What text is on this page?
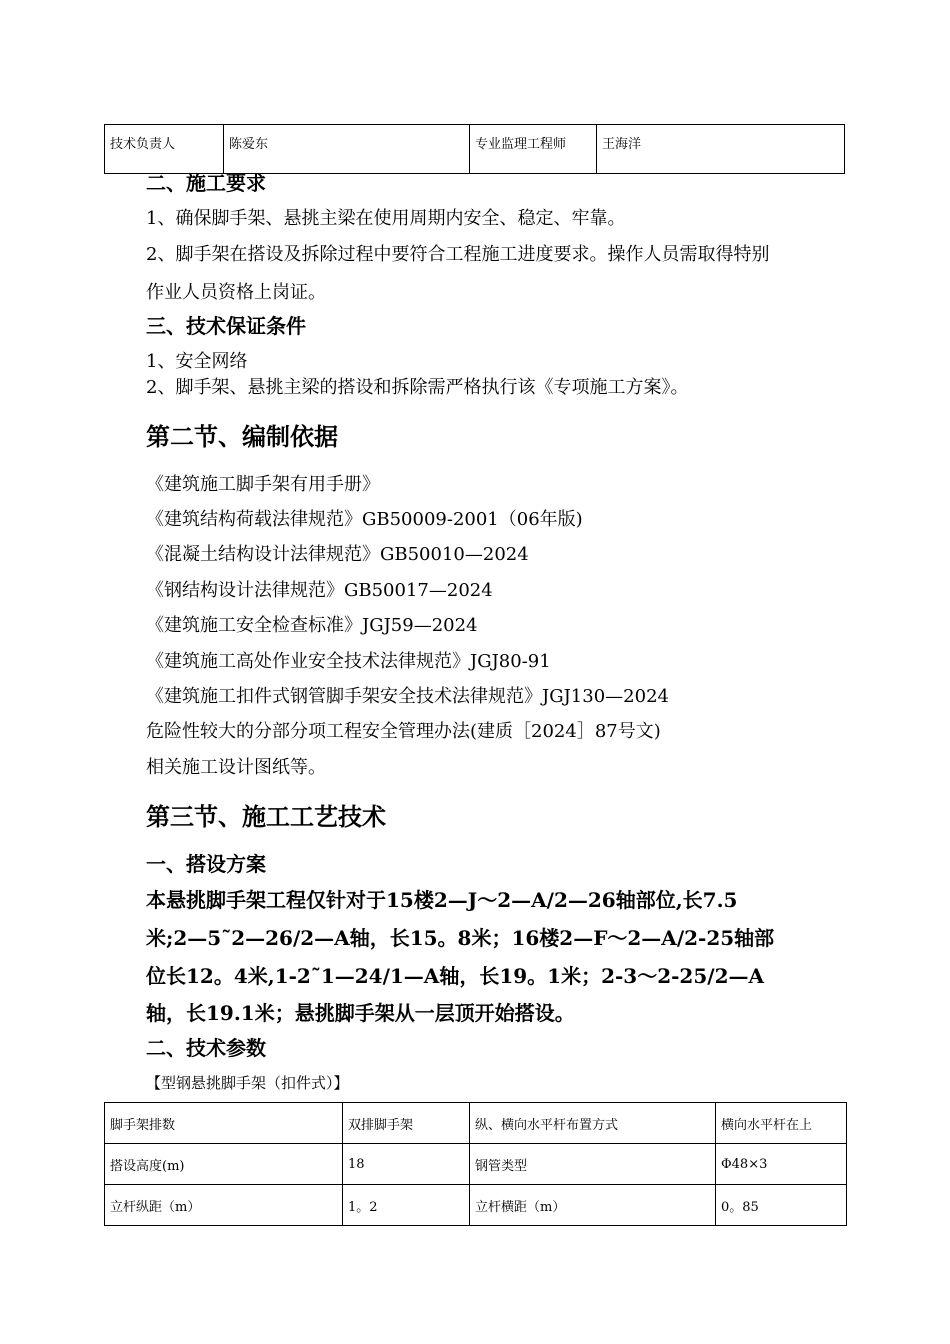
技术负责人	陈爱东	专业监理工程师	王海洋
二、施工要求
1、确保脚手架、悬挑主梁在使用周期内安全、稳定、牢靠。
2、脚手架在搭设及拆除过程中要符合工程施工进度要求。操作人员需取得特别
作业人员资格上岗证。
三、技术保证条件
1、安全网络
2、脚手架、悬挑主梁的搭设和拆除需严格执行该《专项施工方案》。
第二节、编制依据
《建筑施工脚手架有用手册》
《建筑结构荷载法律规范》GB50009-2001（06年版)
《混凝土结构设计法律规范》GB50010—2024
《钢结构设计法律规范》GB50017—2024
《建筑施工安全检查标准》JGJ59—2024
《建筑施工高处作业安全技术法律规范》JGJ80-91
《建筑施工扣件式钢管脚手架安全技术法律规范》JGJ130—2024
危险性较大的分部分项工程安全管理办法(建质［2024］87号文)
相关施工设计图纸等。
第三节、施工工艺技术
一、搭设方案
本悬挑脚手架工程仅针对于15楼2—J～2—A/2—26轴部位,长7.5
米;2—5˜2—26/2—A轴，长15。8米；16楼2—F～2—A/2-25轴部
位长12。4米,1-2˜1—24/1—A轴，长19。1米；2-3～2-25/2—A
轴，长19.1米；悬挑脚手架从一层顶开始搭设。
二、技术参数
【型钢悬挑脚手架（扣件式）】
脚手架排数	双排脚手架	纵、横向水平杆布置方式	横向水平杆在上
搭设高度(m)	18	钢管类型	Φ48×3
立杆纵距（m）	1。2	立杆横距（m）	0。85
